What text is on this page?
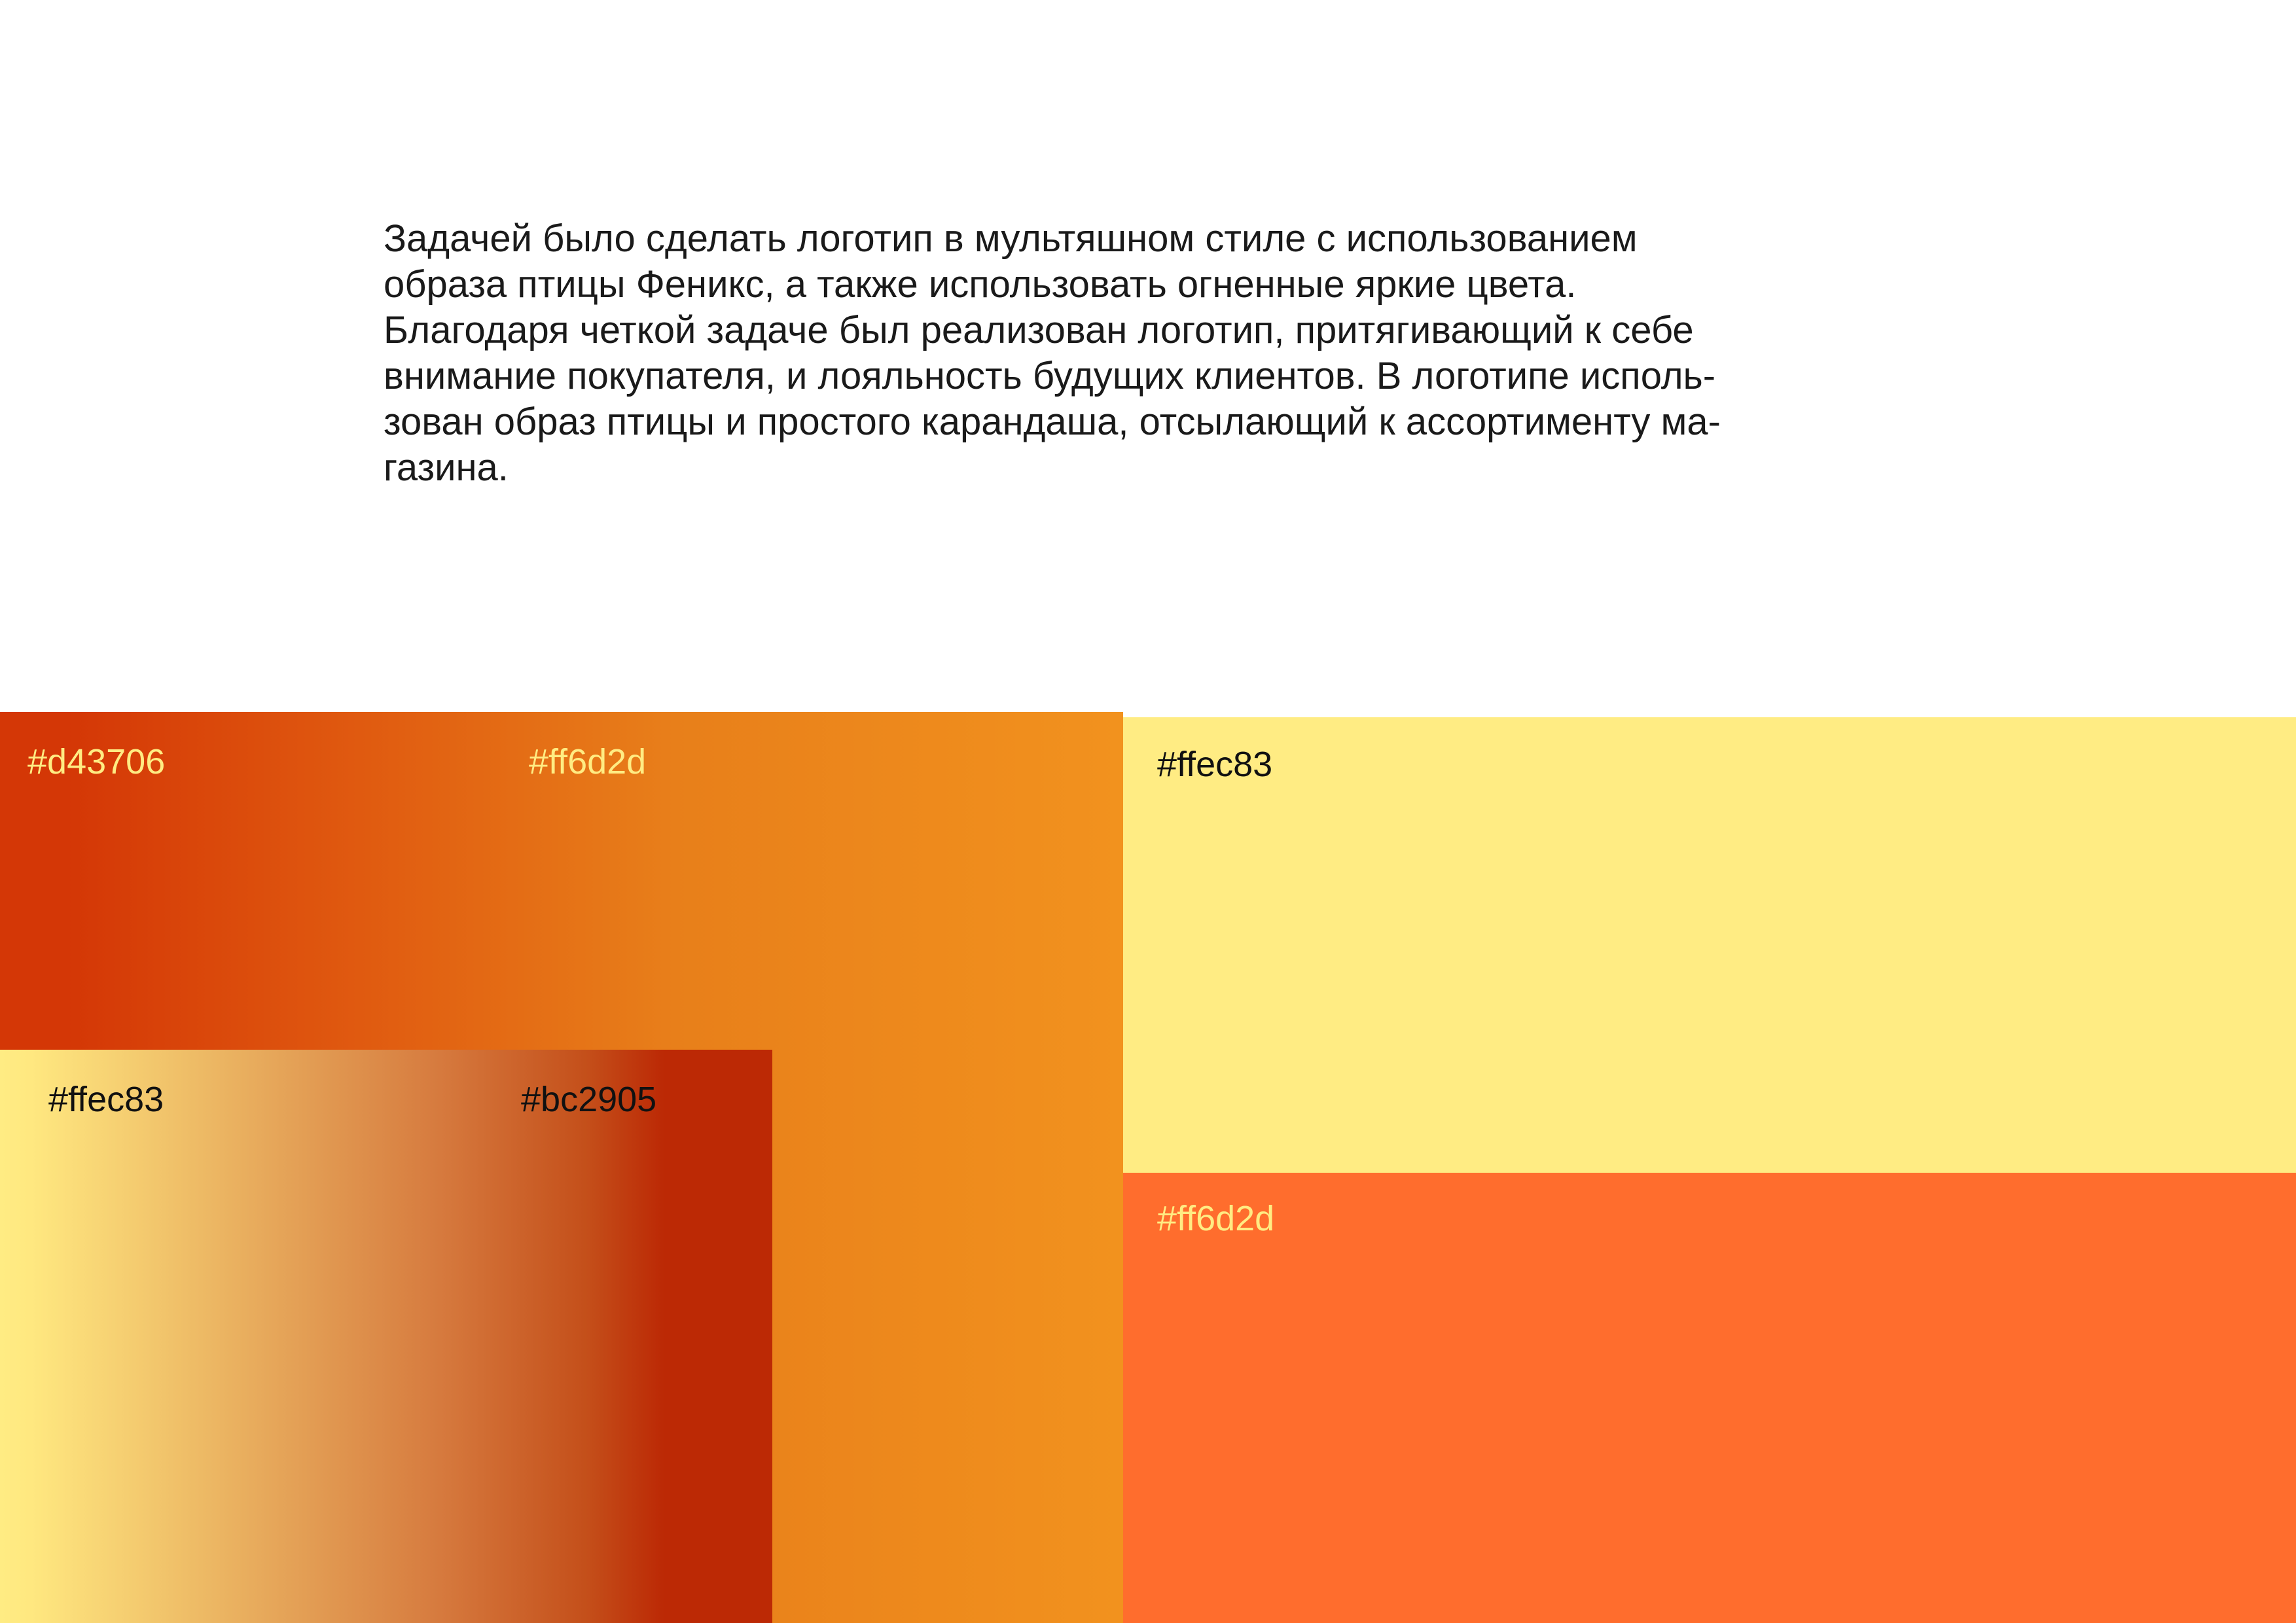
Задачей было сделать логотип в мультяшном стиле с использованием
образа птицы Феникс, а также использовать огненные яркие цвета.
Благодаря четкой задаче был реализован логотип, притягивающий к себе
внимание покупателя, и лояльность будущих клиентов. В логотипе исполь-
зован образ птицы и простого карандаша, отсылающий к ассортименту ма-
газина.

#d43706	#ff6d2d
#ffec83	#bc2905
#ffec83
#ff6d2d
